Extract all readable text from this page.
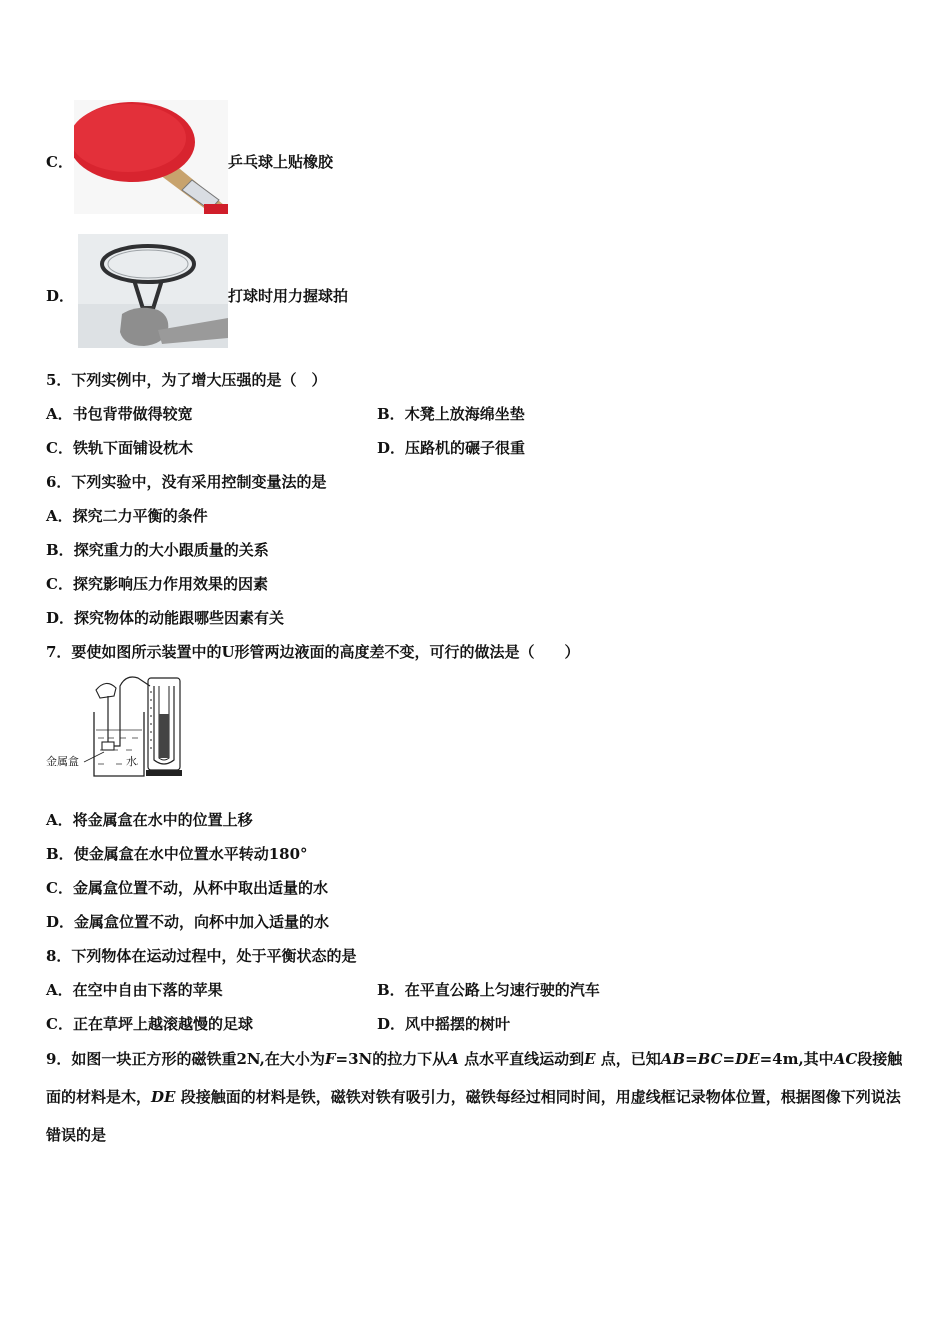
C．	乒乓球上贴橡胶
D．	打球时用力握球拍
5．下列实例中，为了增大压强的是（　）
A．书包背带做得较宽	B．木凳上放海绵坐垫
C．铁轨下面铺设枕木	D．压路机的碾子很重
6．下列实验中，没有采用控制变量法的是
A．探究二力平衡的条件
B．探究重力的大小跟质量的关系
C．探究影响压力作用效果的因素
D．探究物体的动能跟哪些因素有关
7．要使如图所示装置中的U形管两边液面的高度差不变，可行的做法是（　　）
金属盒	水
A．将金属盒在水中的位置上移
B．使金属盒在水中位置水平转动180°
C．金属盒位置不动，从杯中取出适量的水
D．金属盒位置不动，向杯中加入适量的水
8．下列物体在运动过程中，处于平衡状态的是
A．在空中自由下落的苹果	B．在平直公路上匀速行驶的汽车
C．正在草坪上越滚越慢的足球	D．风中摇摆的树叶
9．如图一块正方形的磁铁重2N,在大小为F=3N的拉力下从A 点水平直线运动到E 点，已知AB=BC=DE=4m,其中AC段接触面的材料是木，DE 段接触面的材料是铁，磁铁对铁有吸引力，磁铁每经过相同时间，用虚线框记录物体位置，根据图像下列说法错误的是
